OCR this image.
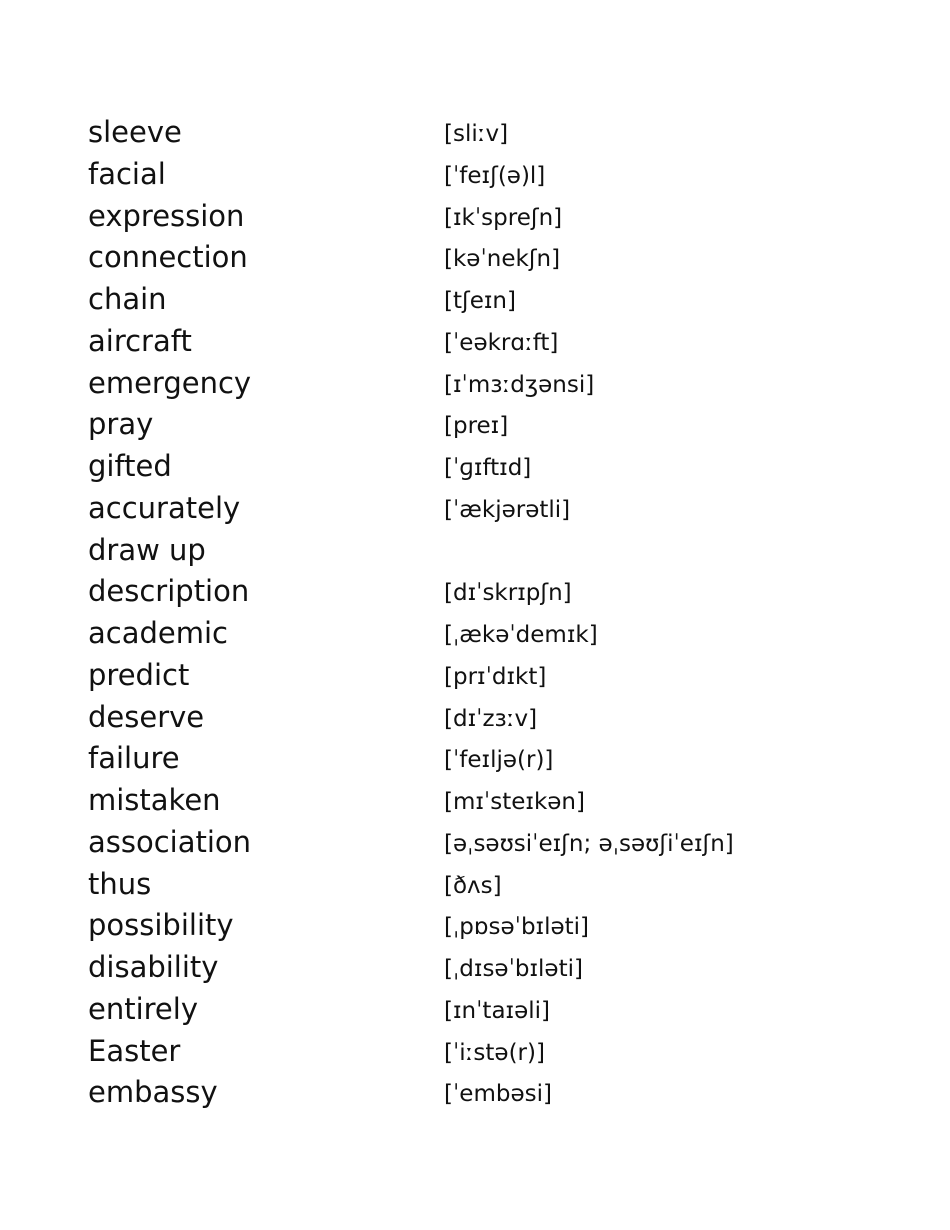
sleeve	[sliːv]
facial	[ˈfeɪʃ(ə)l]
expression	[ɪkˈspreʃn]
connection	[kəˈnekʃn]
chain	[tʃeɪn]
aircraft	[ˈeəkrɑːft]
emergency	[ɪˈmɜːdʒənsi]
pray	[preɪ]
gifted	[ˈɡɪftɪd]
accurately	[ˈækjərətli]
draw up
description	[dɪˈskrɪpʃn]
academic	[ˌækəˈdemɪk]
predict	[prɪˈdɪkt]
deserve	[dɪˈzɜːv]
failure	[ˈfeɪljə(r)]
mistaken	[mɪˈsteɪkən]
association	[əˌsəʊsiˈeɪʃn; əˌsəʊʃiˈeɪʃn]
thus	[ðʌs]
possibility	[ˌpɒsəˈbɪləti]
disability	[ˌdɪsəˈbɪləti]
entirely	[ɪnˈtaɪəli]
Easter	[ˈiːstə(r)]
embassy	[ˈembəsi]
